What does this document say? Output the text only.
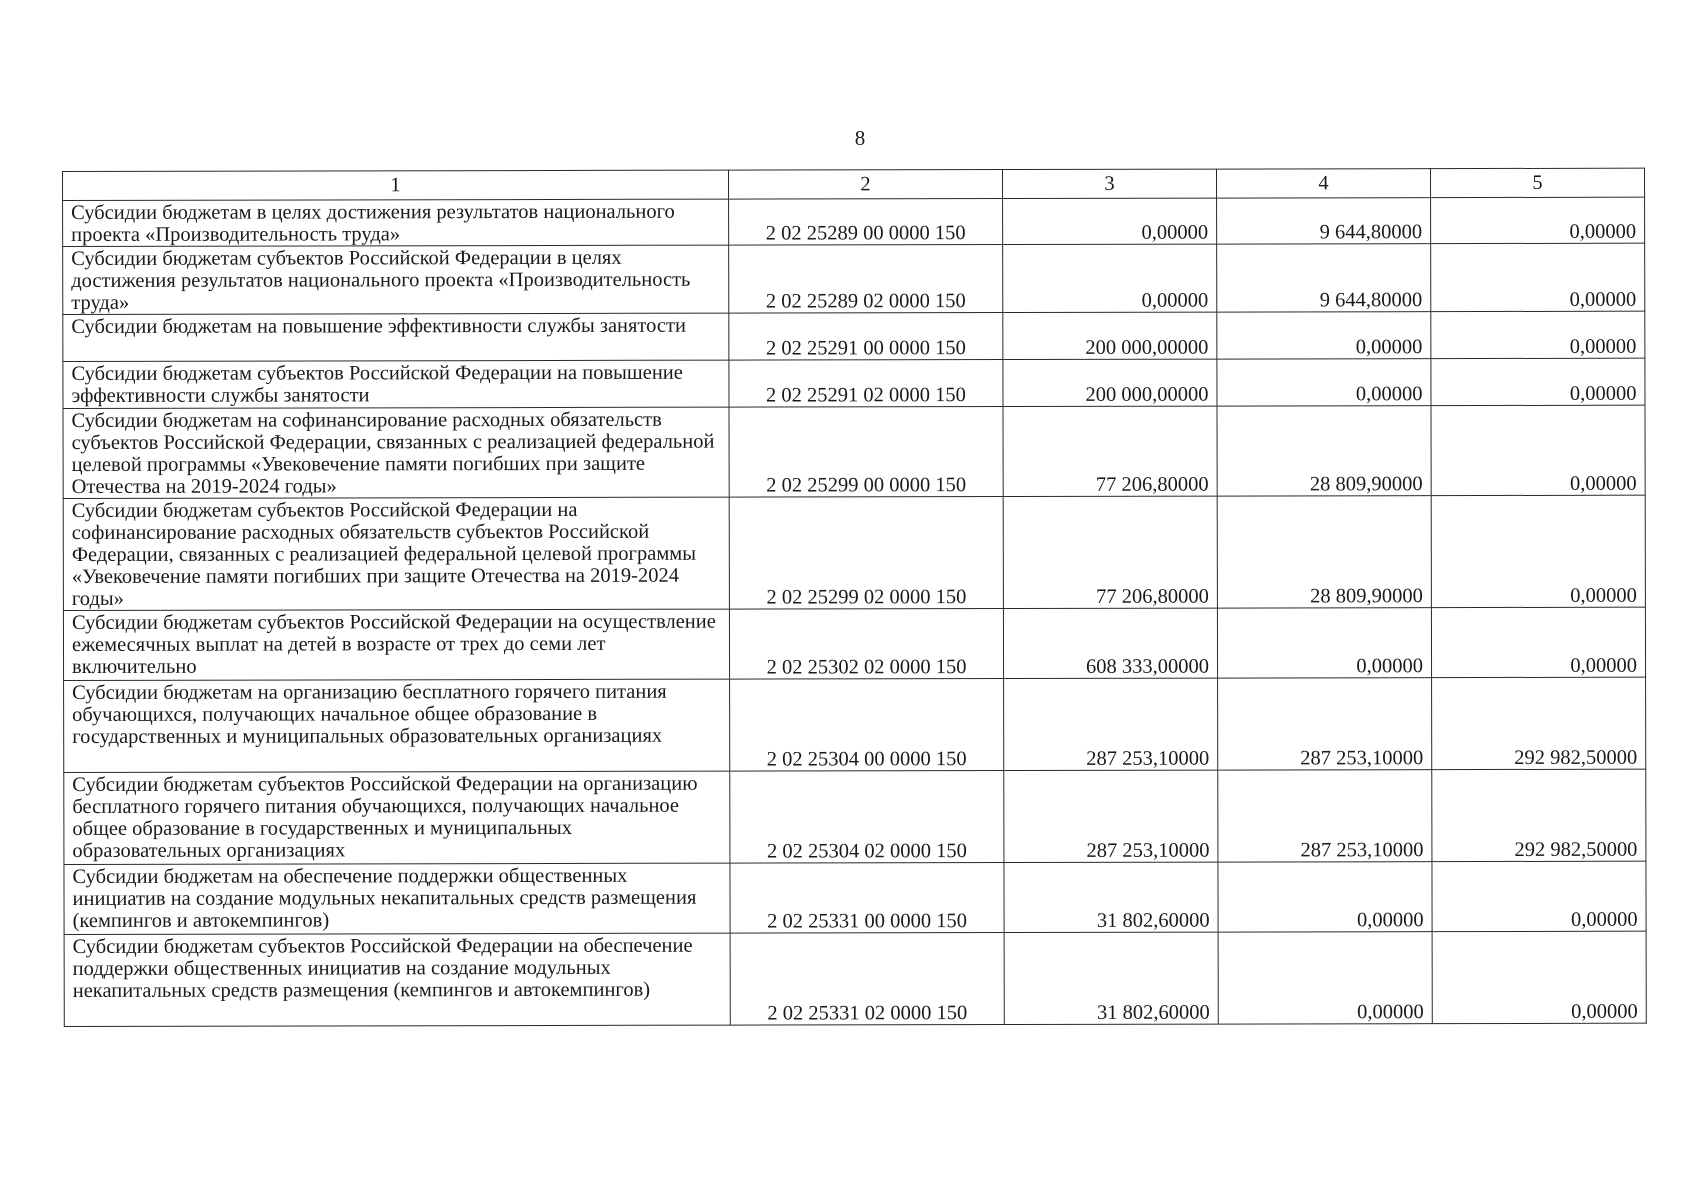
8
1	2	3	4	5
Субсидии бюджетам в целях достижения результатов национального проекта «Производительность труда»	2 02 25289 00 0000 150	0,00000	9 644,80000	0,00000
Субсидии бюджетам субъектов Российской Федерации в целях достижения результатов национального проекта «Производительность труда»	2 02 25289 02 0000 150	0,00000	9 644,80000	0,00000
Субсидии бюджетам на повышение эффективности службы занятости	2 02 25291 00 0000 150	200 000,00000	0,00000	0,00000
Субсидии бюджетам субъектов Российской Федерации на повышение эффективности службы занятости	2 02 25291 02 0000 150	200 000,00000	0,00000	0,00000
Субсидии бюджетам на софинансирование расходных обязательств субъектов Российской Федерации, связанных с реализацией федеральной целевой программы «Увековечение памяти погибших при защите Отечества на 2019-2024 годы»	2 02 25299 00 0000 150	77 206,80000	28 809,90000	0,00000
Субсидии бюджетам субъектов Российской Федерации на софинансирование расходных обязательств субъектов Российской Федерации, связанных с реализацией федеральной целевой программы «Увековечение памяти погибших при защите Отечества на 2019-2024 годы»	2 02 25299 02 0000 150	77 206,80000	28 809,90000	0,00000
Субсидии бюджетам субъектов Российской Федерации на осуществление ежемесячных выплат на детей в возрасте от трех до семи лет включительно	2 02 25302 02 0000 150	608 333,00000	0,00000	0,00000
Субсидии бюджетам на организацию бесплатного горячего питания обучающихся, получающих начальное общее образование в государственных и муниципальных образовательных организациях	2 02 25304 00 0000 150	287 253,10000	287 253,10000	292 982,50000
Субсидии бюджетам субъектов Российской Федерации на организацию бесплатного горячего питания обучающихся, получающих начальное общее образование в государственных и муниципальных образовательных организациях	2 02 25304 02 0000 150	287 253,10000	287 253,10000	292 982,50000
Субсидии бюджетам на обеспечение поддержки общественных инициатив на создание модульных некапитальных средств размещения (кемпингов и автокемпингов)	2 02 25331 00 0000 150	31 802,60000	0,00000	0,00000
Субсидии бюджетам субъектов Российской Федерации на обеспечение поддержки общественных инициатив на создание модульных некапитальных средств размещения (кемпингов и автокемпингов)	2 02 25331 02 0000 150	31 802,60000	0,00000	0,00000
